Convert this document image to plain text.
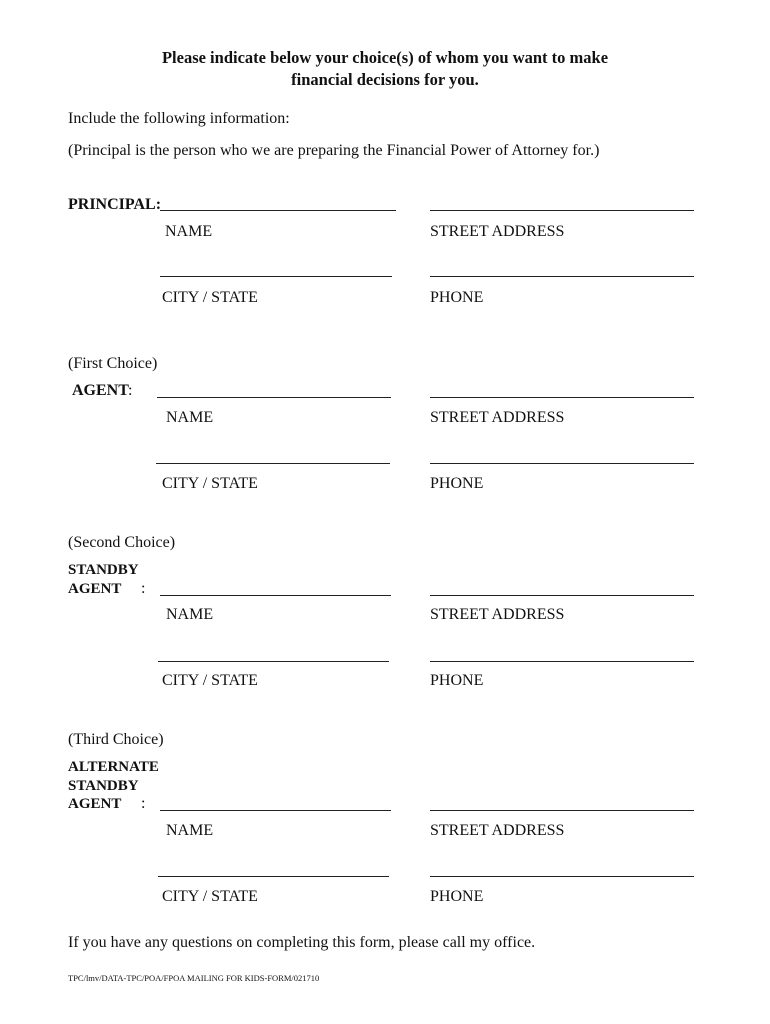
Please indicate below your choice(s) of whom you want to make
financial decisions for you.
Include the following information:
(Principal is the person who we are preparing the Financial Power of Attorney for.)
PRINCIPAL:
NAME	STREET ADDRESS
CITY / STATE	PHONE
(First Choice)
AGENT :
NAME	STREET ADDRESS
CITY / STATE	PHONE
(Second Choice)
STANDBY
AGENT :
NAME	STREET ADDRESS
CITY / STATE	PHONE
(Third Choice)
ALTERNATE
STANDBY
AGENT :
NAME	STREET ADDRESS
CITY / STATE	PHONE
If you have any questions on completing this form, please call my office.
TPC/lmv/DATA-TPC/POA/FPOA MAILING FOR KIDS-FORM/021710
